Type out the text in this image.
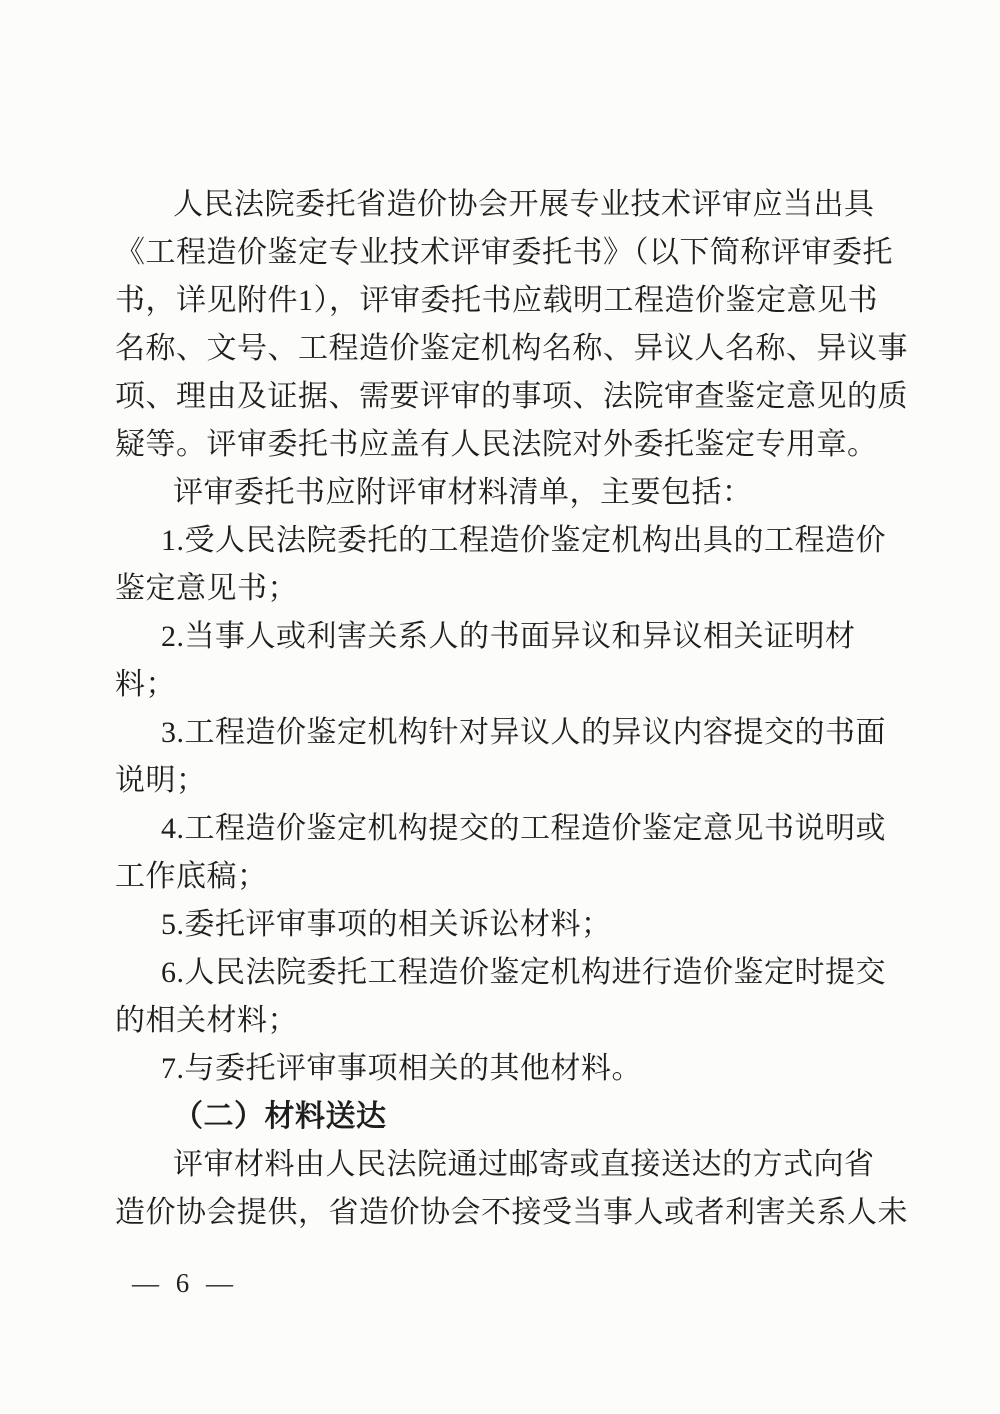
人民法院委托省造价协会开展专业技术评审应当出具
《工程造价鉴定专业技术评审委托书》（以下简称评审委托
书，详见附件1），评审委托书应载明工程造价鉴定意见书
名称、文号、工程造价鉴定机构名称、异议人名称、异议事
项、理由及证据、需要评审的事项、法院审查鉴定意见的质
疑等。评审委托书应盖有人民法院对外委托鉴定专用章。
评审委托书应附评审材料清单，主要包括：
1.受人民法院委托的工程造价鉴定机构出具的工程造价
鉴定意见书；
2.当事人或利害关系人的书面异议和异议相关证明材
料；
3.工程造价鉴定机构针对异议人的异议内容提交的书面
说明；
4.工程造价鉴定机构提交的工程造价鉴定意见书说明或
工作底稿；
5.委托评审事项的相关诉讼材料；
6.人民法院委托工程造价鉴定机构进行造价鉴定时提交
的相关材料；
7.与委托评审事项相关的其他材料。
（二）材料送达
评审材料由人民法院通过邮寄或直接送达的方式向省
造价协会提供，省造价协会不接受当事人或者利害关系人未
— 6 —
